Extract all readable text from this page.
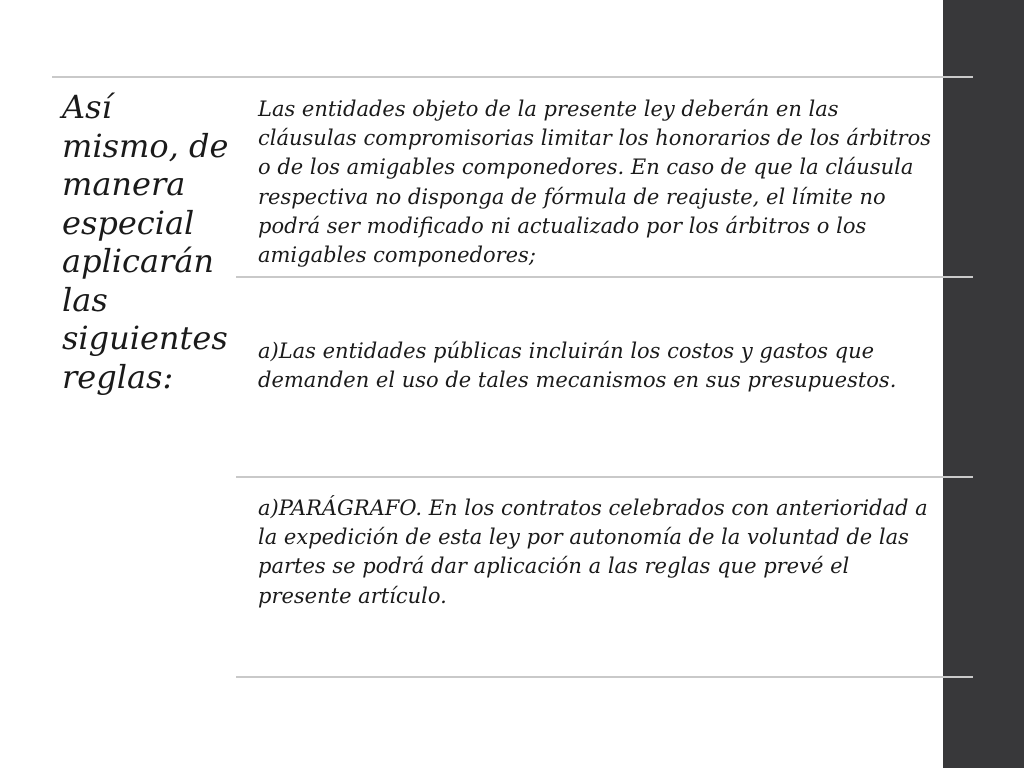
Así mismo, de manera especial aplicarán las siguientes reglas:

Las entidades objeto de la presente ley deberán en las cláusulas compromisorias limitar los honorarios de los árbitros o de los amigables componedores. En caso de que la cláusula respectiva no disponga de fórmula de reajuste, el límite no podrá ser modificado ni actualizado por los árbitros o los amigables componedores;

a)Las entidades públicas incluirán los costos y gastos que demanden el uso de tales mecanismos en sus presupuestos.

a)PARÁGRAFO. En los contratos celebrados con anterioridad a la expedición de esta ley por autonomía de la voluntad de las partes se podrá dar aplicación a las reglas que prevé el presente artículo.
